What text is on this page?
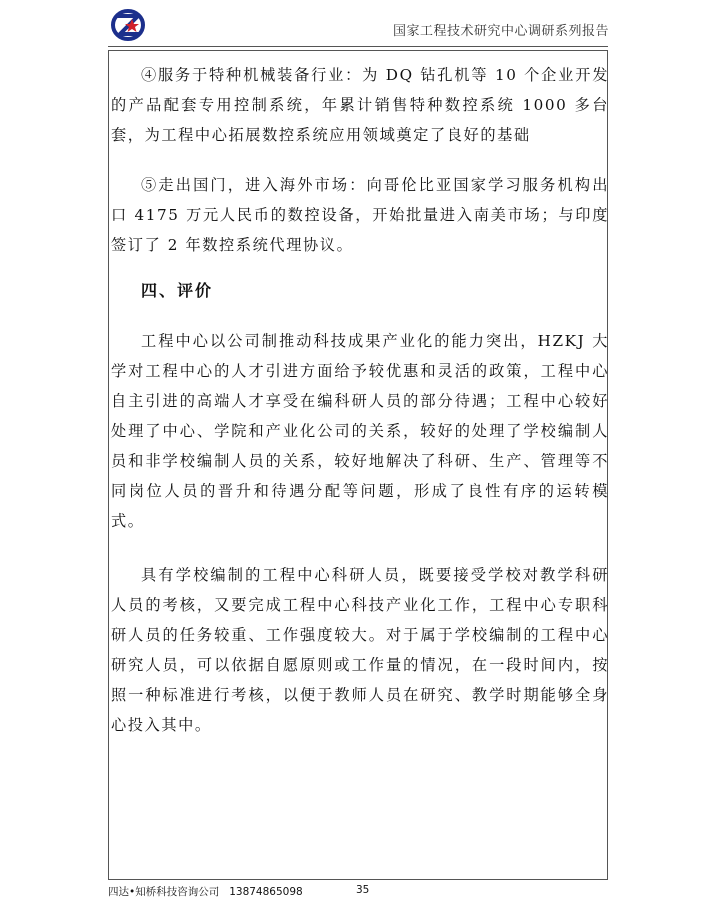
国家工程技术研究中心调研系列报告

④服务于特种机械装备行业：为 DQ 钻孔机等 10 个企业开发的产品配套专用控制系统，年累计销售特种数控系统 1000 多台套，为工程中心拓展数控系统应用领域奠定了良好的基础

⑤走出国门，进入海外市场：向哥伦比亚国家学习服务机构出口 4175 万元人民币的数控设备，开始批量进入南美市场；与印度签订了 2 年数控系统代理协议。

四、评价

工程中心以公司制推动科技成果产业化的能力突出，HZKJ 大学对工程中心的人才引进方面给予较优惠和灵活的政策，工程中心自主引进的高端人才享受在编科研人员的部分待遇；工程中心较好处理了中心、学院和产业化公司的关系，较好的处理了学校编制人员和非学校编制人员的关系，较好地解决了科研、生产、管理等不同岗位人员的晋升和待遇分配等问题，形成了良性有序的运转模式。

具有学校编制的工程中心科研人员，既要接受学校对教学科研人员的考核，又要完成工程中心科技产业化工作，工程中心专职科研人员的任务较重、工作强度较大。对于属于学校编制的工程中心研究人员，可以依据自愿原则或工作量的情况，在一段时间内，按照一种标准进行考核，以便于教师人员在研究、教学时期能够全身心投入其中。

四达•知桥科技咨询公司 13874865098	35
